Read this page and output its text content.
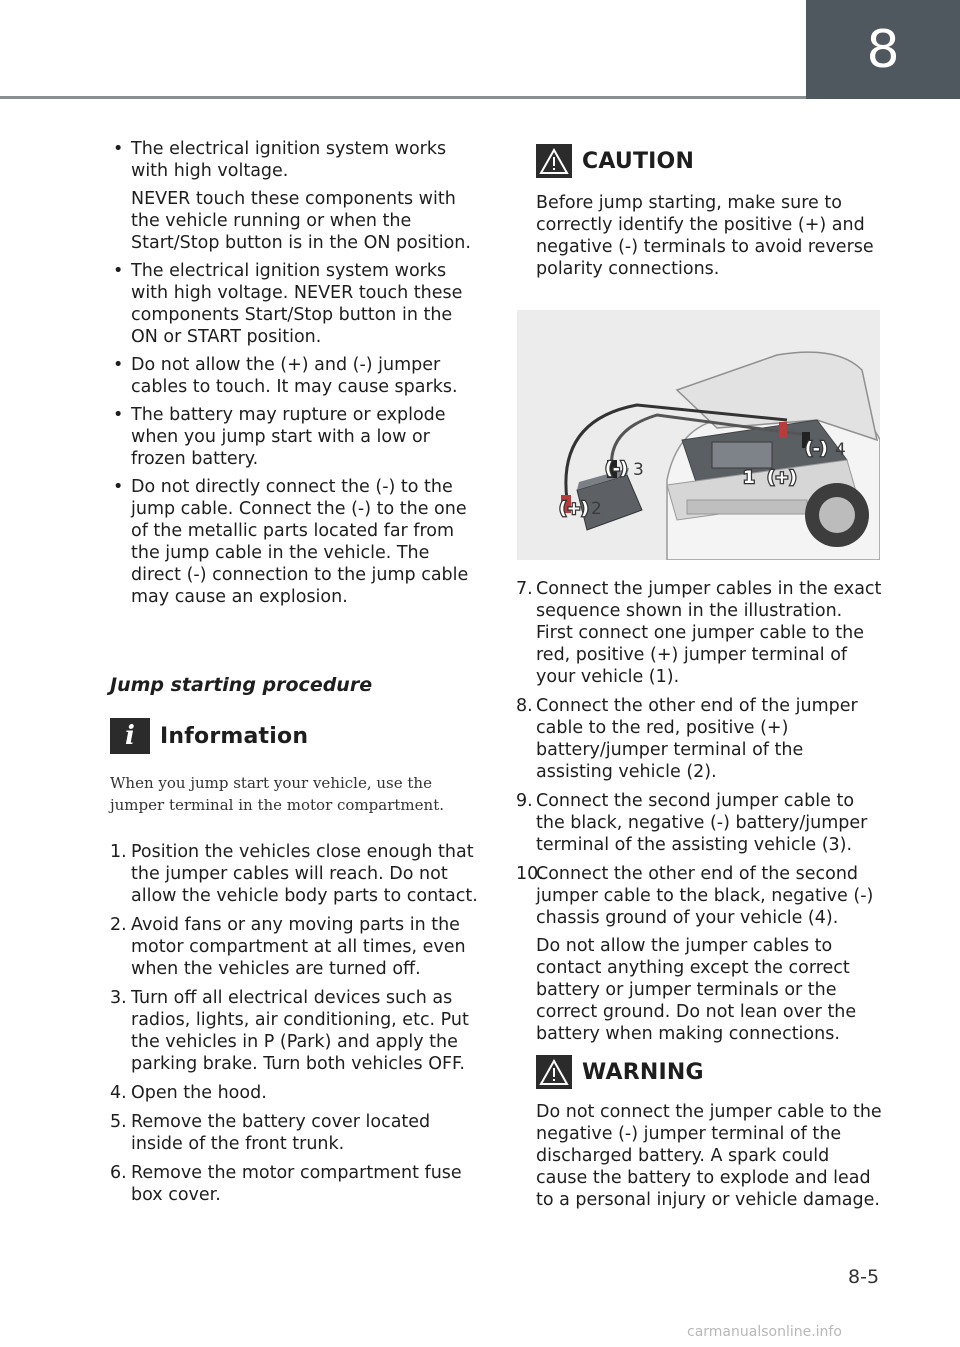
8
• The electrical ignition system works with high voltage.

NEVER touch these components with the vehicle running or when the Start/Stop button is in the ON position.

• The electrical ignition system works with high voltage. NEVER touch these components Start/Stop button in the ON or START position.

• Do not allow the (+) and (-) jumper cables to touch. It may cause sparks.

• The battery may rupture or explode when you jump start with a low or frozen battery.

• Do not directly connect the (-) to the jump cable. Connect the (-) to the one of the metallic parts located far from the jump cable in the vehicle. The direct (-) connection to the jump cable may cause an explosion.

Jump starting procedure
i	Information
When you jump start your vehicle, use the jumper terminal in the motor compartment.
1. Position the vehicles close enough that the jumper cables will reach. Do not allow the vehicle body parts to contact.
2. Avoid fans or any moving parts in the motor compartment at all times, even when the vehicles are turned off.
3. Turn off all electrical devices such as radios, lights, air conditioning, etc. Put the vehicles in P (Park) and apply the parking brake. Turn both vehicles OFF.
4. Open the hood.
5. Remove the battery cover located inside of the front trunk.
6. Remove the motor compartment fuse box cover.
CAUTION

Before jump starting, make sure to correctly identify the positive (+) and negative (-) terminals to avoid reverse polarity connections.

(+) 2
(-) 3	1 (+)
(-) 4
7. Connect the jumper cables in the exact sequence shown in the illustration. First connect one jumper cable to the red, positive (+) jumper terminal of your vehicle (1).

8. Connect the other end of the jumper cable to the red, positive (+) battery/jumper terminal of the assisting vehicle (2).

9. Connect the second jumper cable to the black, negative (-) battery/jumper terminal of the assisting vehicle (3).

10.

Connect the other end of the second jumper cable to the black, negative (-) chassis ground of your vehicle (4).

Do not allow the jumper cables to contact anything except the correct battery or jumper terminals or the correct ground. Do not lean over the battery when making connections.

WARNING

Do not connect the jumper cable to the negative (-) jumper terminal of the discharged battery. A spark could cause the battery to explode and lead to a personal injury or vehicle damage.

8-5
carmanualsonline.info
